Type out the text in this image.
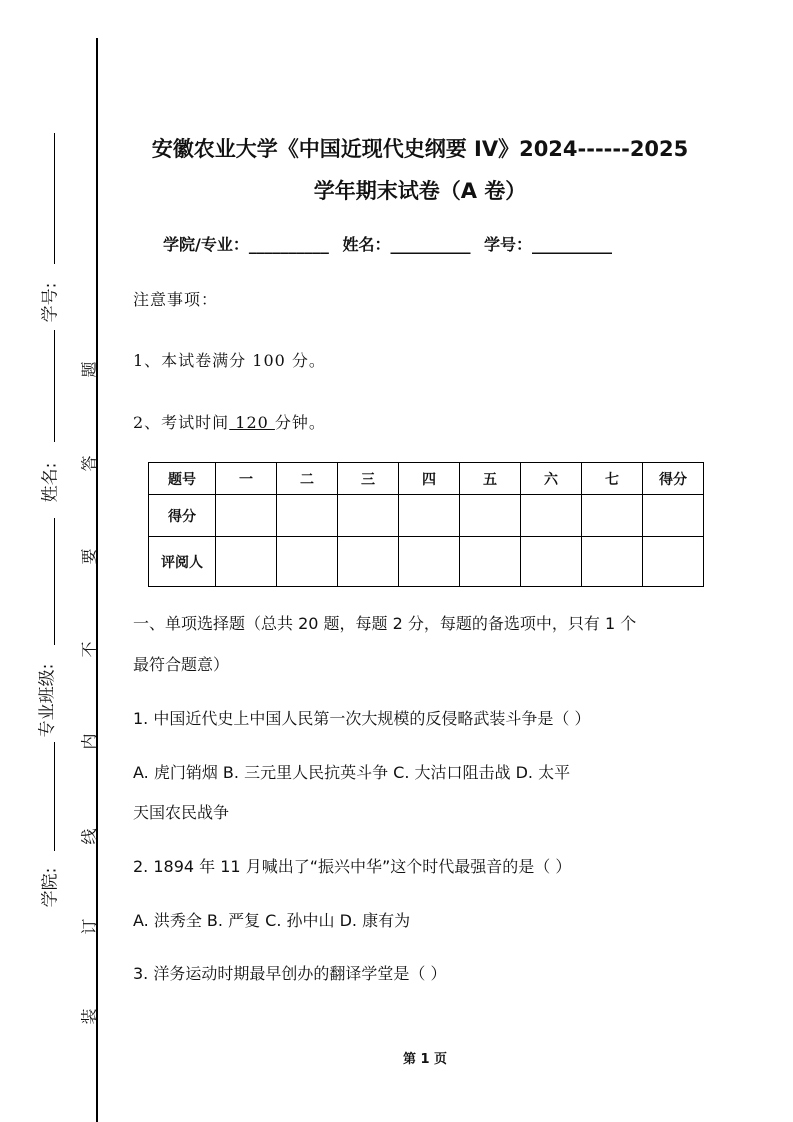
学号:
姓名:
专业班级:
学院:
题
答
要
不
内
线
订
装
安徽农业大学《中国近现代史纲要 IV》2024------2025
学年期末试卷（A 卷）
学院/专业：__________ 姓名：__________ 学号：__________
注意事项：
1、本试卷满分 100 分。
2、考试时间 120 分钟。
题号	一	二	三	四	五	六	七	得分
得分								
评阅人								
一、单项选择题（总共 20 题，每题 2 分，每题的备选项中，只有 1 个
最符合题意）
1. 中国近代史上中国人民第一次大规模的反侵略武装斗争是（ ）
A. 虎门销烟 B. 三元里人民抗英斗争 C. 大沽口阻击战 D. 太平
天国农民战争
2. 1894 年 11 月喊出了“振兴中华”这个时代最强音的是（ ）
A. 洪秀全 B. 严复 C. 孙中山 D. 康有为
3. 洋务运动时期最早创办的翻译学堂是（ ）
第 1 页
